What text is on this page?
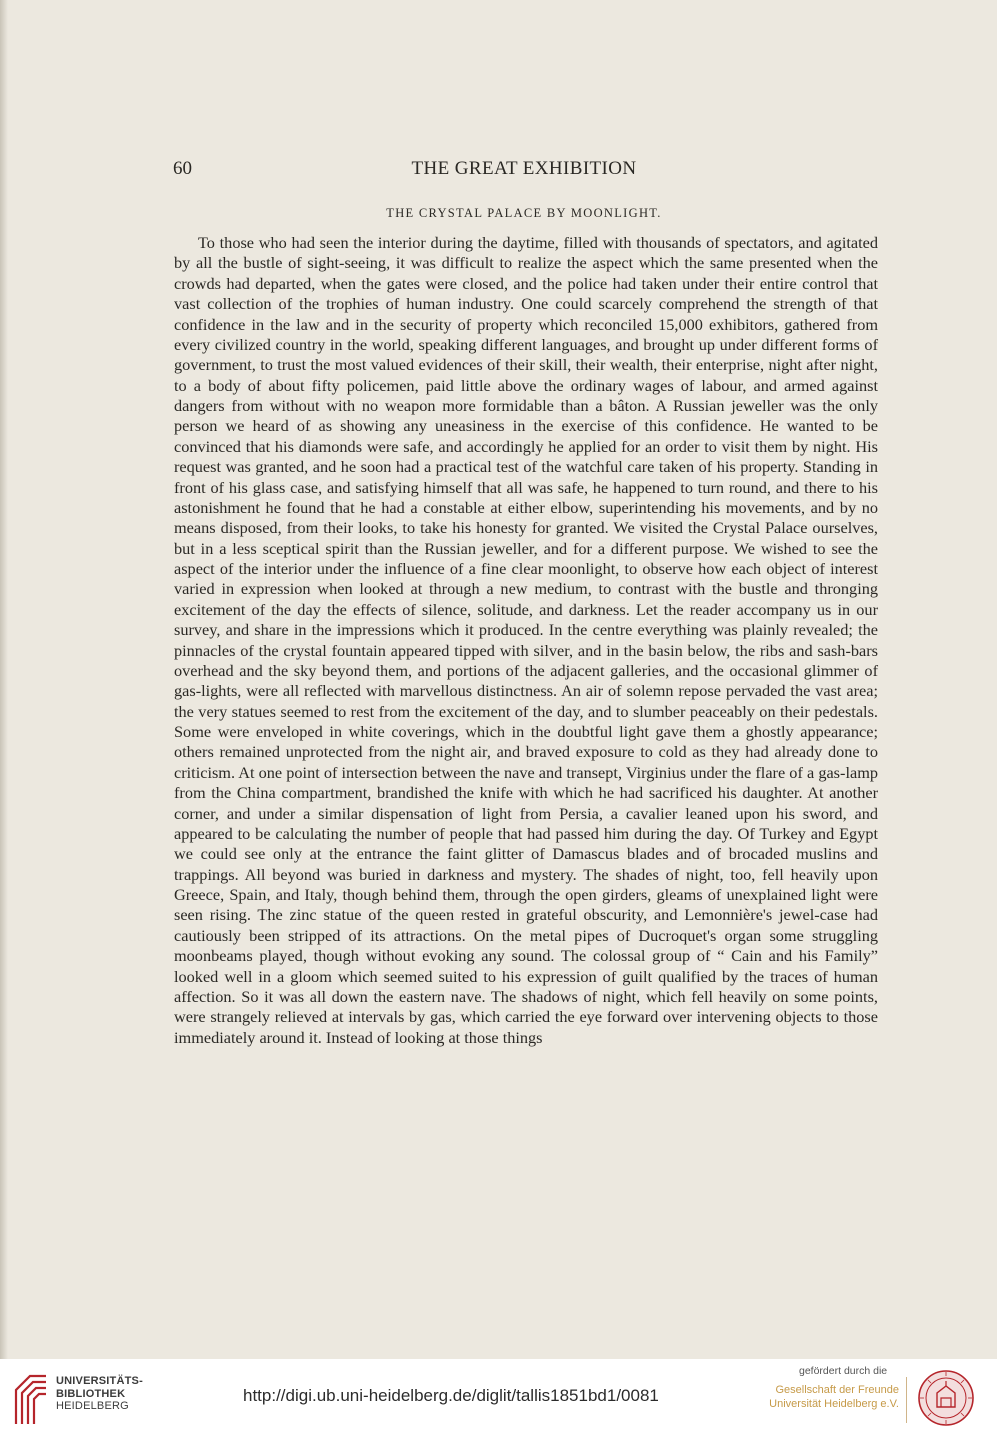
60	THE GREAT EXHIBITION
THE CRYSTAL PALACE BY MOONLIGHT.

To those who had seen the interior during the daytime, filled with thousands of spectators, and agitated by all the bustle of sight-seeing, it was difficult to realize the aspect which the same presented when the crowds had departed, when the gates were closed, and the police had taken under their entire control that vast collection of the trophies of human industry. One could scarcely comprehend the strength of that confidence in the law and in the security of property which reconciled 15,000 exhibitors, gathered from every civilized country in the world, speaking different languages, and brought up under different forms of government, to trust the most valued evidences of their skill, their wealth, their enterprise, night after night, to a body of about fifty policemen, paid little above the ordinary wages of labour, and armed against dangers from without with no weapon more formidable than a bâton. A Russian jeweller was the only person we heard of as showing any uneasiness in the exercise of this confidence. He wanted to be convinced that his diamonds were safe, and accordingly he applied for an order to visit them by night. His request was granted, and he soon had a practical test of the watchful care taken of his property. Standing in front of his glass case, and satisfying himself that all was safe, he happened to turn round, and there to his astonishment he found that he had a constable at either elbow, superintending his movements, and by no means disposed, from their looks, to take his honesty for granted. We visited the Crystal Palace ourselves, but in a less sceptical spirit than the Russian jeweller, and for a different purpose. We wished to see the aspect of the interior under the influence of a fine clear moonlight, to observe how each object of interest varied in expression when looked at through a new medium, to contrast with the bustle and thronging excitement of the day the effects of silence, solitude, and darkness. Let the reader accompany us in our survey, and share in the impressions which it produced. In the centre everything was plainly revealed; the pinnacles of the crystal fountain appeared tipped with silver, and in the basin below, the ribs and sash-bars overhead and the sky beyond them, and portions of the adjacent galleries, and the occasional glimmer of gas-lights, were all reflected with marvellous distinctness. An air of solemn repose pervaded the vast area; the very statues seemed to rest from the excitement of the day, and to slumber peaceably on their pedestals. Some were enveloped in white coverings, which in the doubtful light gave them a ghostly appearance; others remained unprotected from the night air, and braved exposure to cold as they had already done to criticism. At one point of intersection between the nave and transept, Virginius under the flare of a gas-lamp from the China compartment, brandished the knife with which he had sacrificed his daughter. At another corner, and under a similar dispensation of light from Persia, a cavalier leaned upon his sword, and appeared to be calculating the number of people that had passed him during the day. Of Turkey and Egypt we could see only at the entrance the faint glitter of Damascus blades and of brocaded muslins and trappings. All beyond was buried in darkness and mystery. The shades of night, too, fell heavily upon Greece, Spain, and Italy, though behind them, through the open girders, gleams of unexplained light were seen rising. The zinc statue of the queen rested in grateful obscurity, and Lemonnière's jewel-case had cautiously been stripped of its attractions. On the metal pipes of Ducroquet's organ some struggling moonbeams played, though without evoking any sound. The colossal group of “ Cain and his Family” looked well in a gloom which seemed suited to his expression of guilt qualified by the traces of human affection. So it was all down the eastern nave. The shadows of night, which fell heavily on some points, were strangely relieved at intervals by gas, which carried the eye forward over intervening objects to those immediately around it. Instead of looking at those things

UNIVERSITÄTS-
BIBLIOTHEK
HEIDELBERG
http://digi.ub.uni-heidelberg.de/diglit/tallis1851bd1/0081
gefördert durch die
Gesellschaft der Freunde
Universität Heidelberg e.V.
